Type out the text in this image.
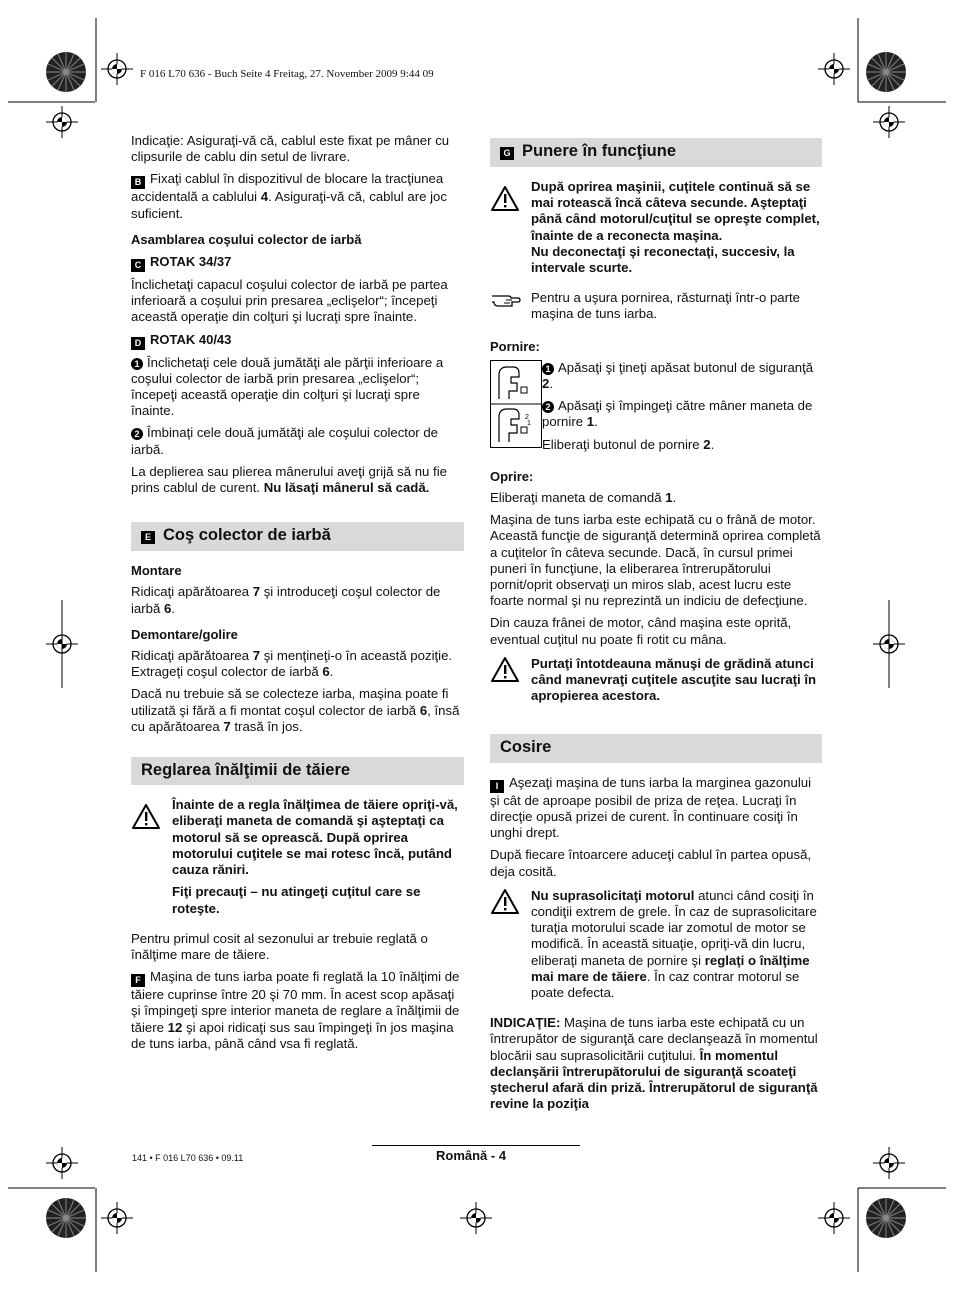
F 016 L70 636 - Buch Seite 4 Freitag, 27. November 2009 9:44 09

Indicaţie: Asiguraţi-vă că, cablul este fixat pe mâner cu clipsurile de cablu din setul de livrare.

B Fixaţi cablul în dispozitivul de blocare la tracţiunea accidentală a cablului 4. Asiguraţi-vă că, cablul are joc suficient.

Asamblarea coşului colector de iarbă
C ROTAK 34/37

Înclichetaţi capacul coşului colector de iarbă pe partea inferioară a coşului prin presarea „eclişelor“; începeţi această operaţie din colţuri şi lucraţi spre înainte.

D ROTAK 40/43

1 Înclichetaţi cele două jumătăţi ale părţii inferioare a coşului colector de iarbă prin presarea „eclişelor“; începeţi această operaţie din colţuri şi lucraţi spre înainte.

2 Îmbinaţi cele două jumătăţi ale coşului colector de iarbă.

La deplierea sau plierea mânerului aveţi grijă să nu fie prins cablul de curent. Nu lăsaţi mânerul să cadă.

E Coş colector de iarbă
Montare

Ridicaţi apărătoarea 7 şi introduceţi coşul colector de iarbă 6.

Demontare/golire

Ridicaţi apărătoarea 7 şi menţineţi-o în această poziţie. Extrageţi coşul colector de iarbă 6.

Dacă nu trebuie să se colecteze iarba, maşina poate fi utilizată şi fără a fi montat coşul colector de iarbă 6, însă cu apărătoarea 7 trasă în jos.

Reglarea înălţimii de tăiere

Înainte de a regla înălţimea de tăiere opriţi-vă, eliberaţi maneta de comandă şi aşteptaţi ca motorul să se oprească. După oprirea motorului cuţitele se mai rotesc încă, putând cauza răniri.

Fiţi precauţi – nu atingeţi cuţitul care se roteşte.

Pentru primul cosit al sezonului ar trebuie reglată o înălţime mare de tăiere.

F Maşina de tuns iarba poate fi reglată la 10 înălţimi de tăiere cuprinse între 20 şi 70 mm. În acest scop apăsaţi şi împingeţi spre interior maneta de reglare a înălţimii de tăiere 12 şi apoi ridicaţi sus sau împingeţi în jos maşina de tuns iarba, până când vsa fi reglată.

G Punere în funcţiune

După oprirea maşinii, cuţitele continuă să se mai rotească încă câteva secunde. Aşteptaţi până când motorul/cuţitul se opreşte complet, înainte de a reconecta maşina.

Nu deconectaţi şi reconectaţi, succesiv, la intervale scurte.

Pentru a uşura pornirea, răsturnaţi într-o parte maşina de tuns iarba.

Pornire:
2
1

1 Apăsaţi şi ţineţi apăsat butonul de siguranţă 2.

2 Apăsaţi şi împingeţi către mâner maneta de pornire 1.

Eliberaţi butonul de pornire 2.

Oprire:

Eliberaţi maneta de comandă 1.

Maşina de tuns iarba este echipată cu o frână de motor. Această funcţie de siguranţă determină oprirea completă a cuţitelor în câteva secunde. Dacă, în cursul primei puneri în funcţiune, la eliberarea întrerupătorului pornit/oprit observaţi un miros slab, acest lucru este foarte normal şi nu reprezintă un indiciu de defecţiune.

Din cauza frânei de motor, când maşina este oprită, eventual cuţitul nu poate fi rotit cu mâna.

Purtaţi întotdeauna mănuşi de grădină atunci când manevraţi cuţitele ascuţite sau lucraţi în apropierea acestora.

Cosire

I Aşezaţi maşina de tuns iarba la marginea gazonului şi cât de aproape posibil de priza de reţea. Lucraţi în direcţie opusă prizei de curent. În continuare cosiţi în unghi drept.

După fiecare întoarcere aduceţi cablul în partea opusă, deja cosită.

Nu suprasolicitaţi motorul atunci când cosiţi în condiţii extrem de grele. În caz de suprasolicitare turaţia motorului scade iar zomotul de motor se modifică. În această situaţie, opriţi-vă din lucru, eliberaţi maneta de pornire şi reglaţi o înălţime mai mare de tăiere. În caz contrar motorul se poate defecta.

INDICAŢIE: Maşina de tuns iarba este echipată cu un întrerupător de siguranţă care declanşează în momentul blocării sau suprasolicitării cuţitului. În momentul declanşării întrerupătorului de siguranţă scoateţi ştecherul afară din priză. Întrerupătorul de siguranţă revine la poziţia

141 • F 016 L70 636 • 09.11	Română - 4
